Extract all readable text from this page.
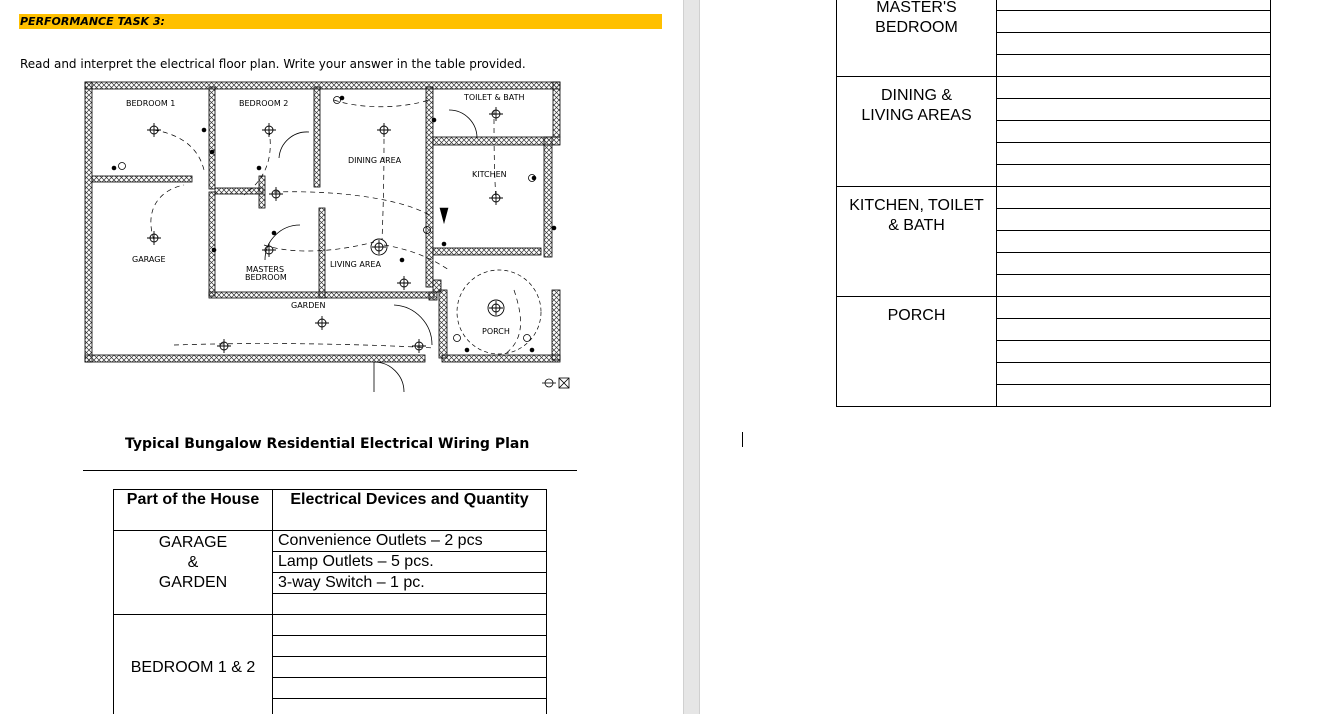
PERFORMANCE TASK 3:
Read and interpret the electrical floor plan. Write your answer in the table provided.
BEDROOM 1	BEDROOM 2
TOILET & BATH
DINING AREA
KITCHEN
GARAGE
MASTERS
BEDROOM
LIVING AREA
GARDEN
PORCH
Typical Bungalow Residential Electrical Wiring Plan
Part of the House	Electrical Devices and Quantity

GARAGE
&
GARDEN	Convenience Outlets – 2 pcs
	Lamp Outlets – 5 pcs.
	3-way Switch – 1 pc.

BEDROOM 1 & 2	

MASTER'S
BEDROOM	

DINING &
LIVING AREAS	

KITCHEN, TOILET
& BATH	

PORCH	
